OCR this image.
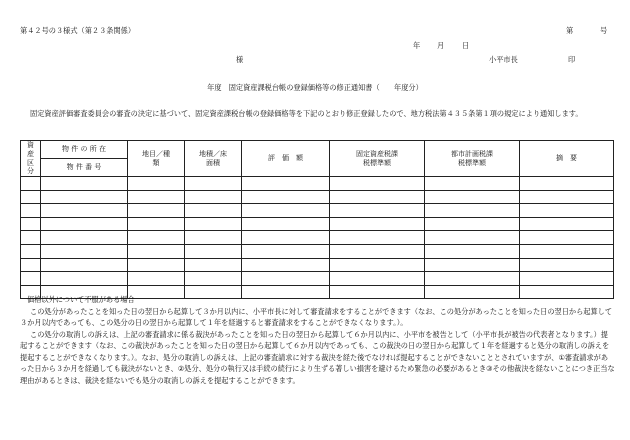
第４２号の３様式（第２３条関係）	第	号
年 月 日
様	小平市長	印
年度　固定資産課税台帳の登録価格等の修正通知書（　　年度分）
固定資産評価審査委員会の審査の決定に基づいて、固定資産課税台帳の登録価格等を下記のとおり修正登録したので、地方税法第４３５条第１項の規定により通知します。
資産区分	物 件 の 所 在	地目／種類	地積／床面積	評　価　額	固定資産税課税標準額	都市計画税課税標準額	摘　要
	物 件 番 号						

価格以外について不服がある場合

この処分があったことを知った日の翌日から起算して３か月以内に、小平市長に対して審査請求をすることができます（なお、この処分があったことを知った日の翌日から起算して３か月以内であっても、この処分の日の翌日から起算して１年を経過すると審査請求をすることができなくなります。）。

この処分の取消しの訴えは、上記の審査請求に係る裁決があったことを知った日の翌日から起算して６か月以内に、小平市を被告として（小平市長が被告の代表者となります。）提起することができます（なお、この裁決があったことを知った日の翌日から起算して６か月以内であっても、この裁決の日の翌日から起算して１年を経過すると処分の取消しの訴えを提起することができなくなります。）。なお、処分の取消しの訴えは、上記の審査請求に対する裁決を経た後でなければ提起することができないこととされていますが、①審査請求があった日から３か月を経過しても裁決がないとき、②処分、処分の執行又は手続の続行により生ずる著しい損害を避けるため緊急の必要があるとき③その他裁決を経ないことにつき正当な理由があるときは、裁決を経ないでも処分の取消しの訴えを提起することができます。
